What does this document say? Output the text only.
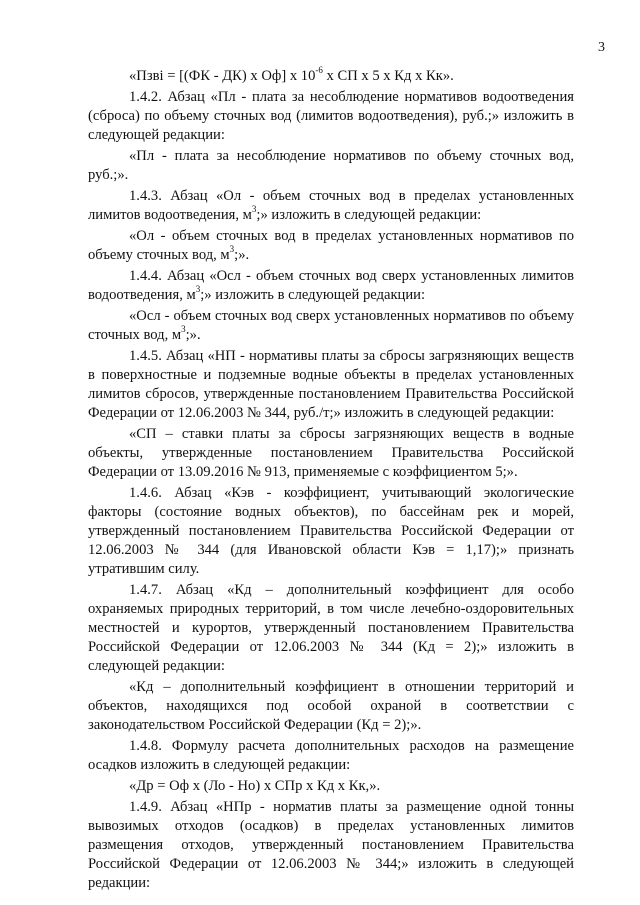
3

«Пзві = [(ФК - ДК) х Оф] х $10^{-6}$ х СП х 5 х Кд х Кк».

1.4.2. Абзац «Пл - плата за несоблюдение нормативов водоотведения (сброса) по объему сточных вод (лимитов водоотведения), руб.;» изложить в следующей редакции:

«Пл - плата за несоблюдение нормативов по объему сточных вод, руб.;».

1.4.3. Абзац «Ол - объем сточных вод в пределах установленных лимитов водоотведения, $м^3$;» изложить в следующей редакции:

«Ол - объем сточных вод в пределах установленных нормативов по объему сточных вод, $м^3$;».

1.4.4. Абзац «Осл - объем сточных вод сверх установленных лимитов водоотведения, $м^3$;» изложить в следующей редакции:

«Осл - объем сточных вод сверх установленных нормативов по объему сточных вод, $м^3$;».

1.4.5. Абзац «НП - нормативы платы за сбросы загрязняющих веществ в поверхностные и подземные водные объекты в пределах установленных лимитов сбросов, утвержденные постановлением Правительства Российской Федерации от 12.06.2003 № 344, руб./т;» изложить в следующей редакции:

«СП – ставки платы за сбросы загрязняющих веществ в водные объекты, утвержденные постановлением Правительства Российской Федерации от 13.09.2016 № 913, применяемые с коэффициентом 5;».

1.4.6. Абзац «Кэв - коэффициент, учитывающий экологические факторы (состояние водных объектов), по бассейнам рек и морей, утвержденный постановлением Правительства Российской Федерации от 12.06.2003 № 344 (для Ивановской области Кэв = 1,17);» признать утратившим силу.

1.4.7. Абзац «Кд – дополнительный коэффициент для особо охраняемых природных территорий, в том числе лечебно-оздоровительных местностей и курортов, утвержденный постановлением Правительства Российской Федерации от 12.06.2003 № 344 (Кд = 2);» изложить в следующей редакции:

«Кд – дополнительный коэффициент в отношении территорий и объектов, находящихся под особой охраной в соответствии с законодательством Российской Федерации (Кд = 2);».

1.4.8. Формулу расчета дополнительных расходов на размещение осадков изложить в следующей редакции:

«Др = Оф х (Ло - Но) х СПр х Кд х Кк,».

1.4.9. Абзац «НПр - норматив платы за размещение одной тонны вывозимых отходов (осадков) в пределах установленных лимитов размещения отходов, утвержденный постановлением Правительства Российской Федерации от 12.06.2003 № 344;» изложить в следующей редакции:
